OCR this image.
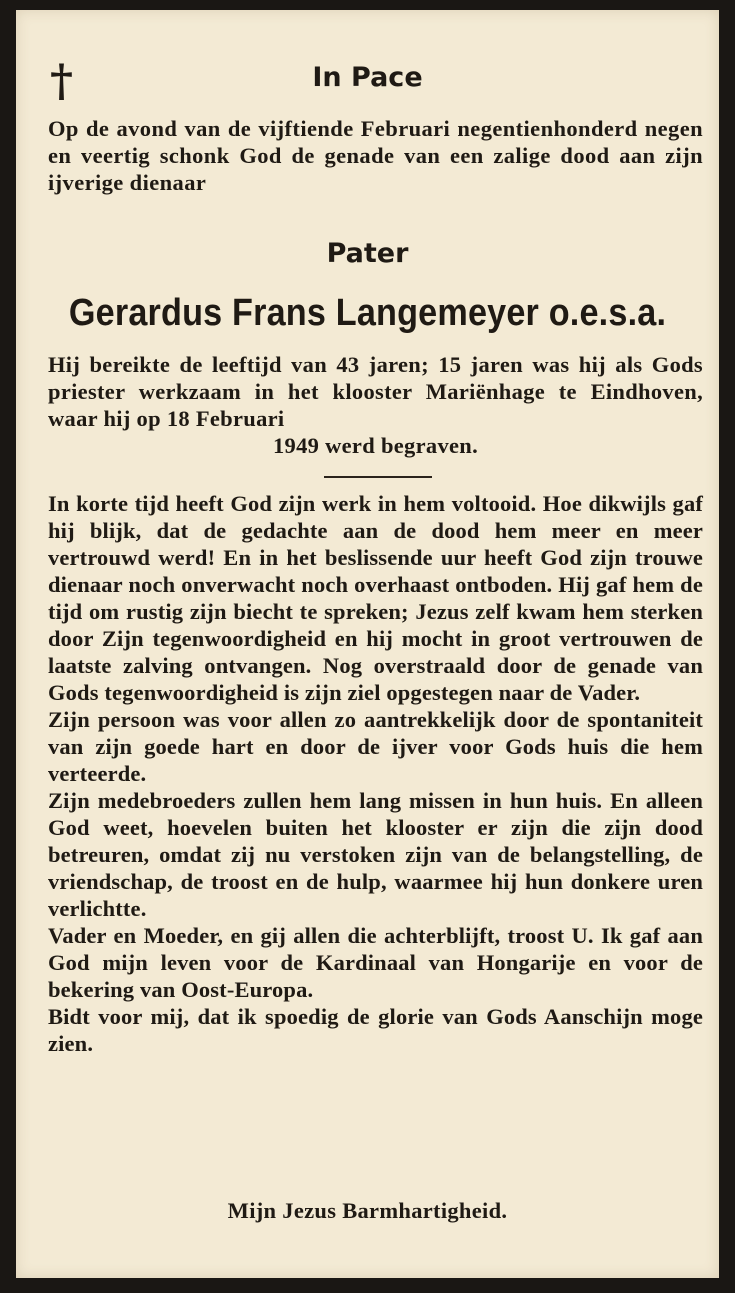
†	In Pace
Op de avond van de vijftiende Februari negentienhonderd negen en veertig schonk God de genade van een zalige dood aan zijn ijverige dienaar
Pater
Gerardus Frans Langemeyer o.e.s.a.
Hij bereikte de leeftijd van 43 jaren; 15 jaren was hij als Gods priester werkzaam in het klooster Mariënhage te Eindhoven, waar hij op 18 Februari
1949 werd begraven.

In korte tijd heeft God zijn werk in hem voltooid. Hoe dikwijls gaf hij blijk, dat de gedachte aan de dood hem meer en meer vertrouwd werd! En in het beslissende uur heeft God zijn trouwe dienaar noch onverwacht noch overhaast ontboden. Hij gaf hem de tijd om rustig zijn biecht te spreken; Jezus zelf kwam hem sterken door Zijn tegenwoordigheid en hij mocht in groot vertrouwen de laatste zalving ontvangen. Nog overstraald door de genade van Gods tegenwoordigheid is zijn ziel opgestegen naar de Vader.

Zijn persoon was voor allen zo aantrekkelijk door de spontaniteit van zijn goede hart en door de ijver voor Gods huis die hem verteerde.

Zijn medebroeders zullen hem lang missen in hun huis. En alleen God weet, hoevelen buiten het klooster er zijn die zijn dood betreuren, omdat zij nu verstoken zijn van de belangstelling, de vriendschap, de troost en de hulp, waarmee hij hun donkere uren verlichtte.

Vader en Moeder, en gij allen die achterblijft, troost U. Ik gaf aan God mijn leven voor de Kardinaal van Hongarije en voor de bekering van Oost-Europa.

Bidt voor mij, dat ik spoedig de glorie van Gods Aanschijn moge zien.

Mijn Jezus Barmhartigheid.
